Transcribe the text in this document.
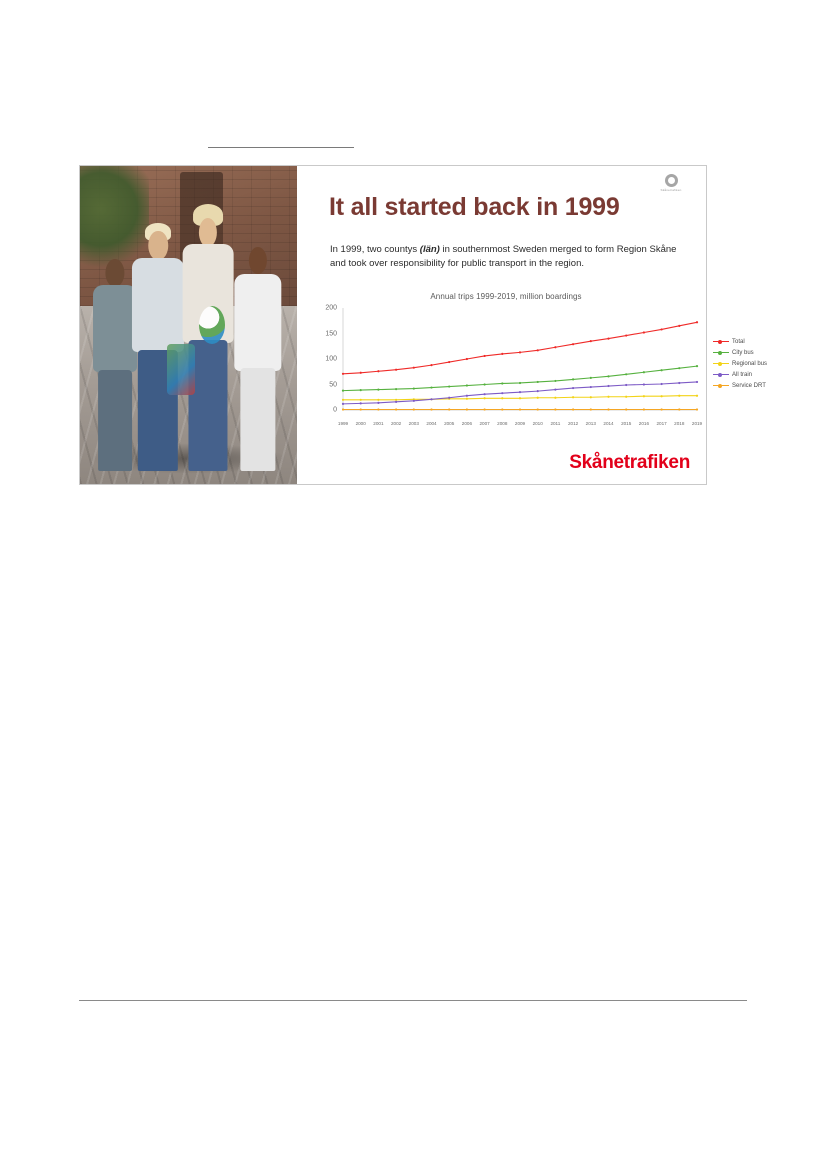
Skånetrafiken
It all started back in 1999
In 1999, two countys (län) in southernmost Sweden merged to form Region Skåne and took over responsibility for public transport in the region.
Annual trips 1999-2019, million boardings
0
50
100
150
200
1999 2000 2001 2002 2003 2004 2005 2006 2007 2008 2009 2010 2011 2012 2013 2014 2015 2016 2017 2018 2019
Total
City bus
Regional bus
All train
Service DRT
Skånetrafiken
